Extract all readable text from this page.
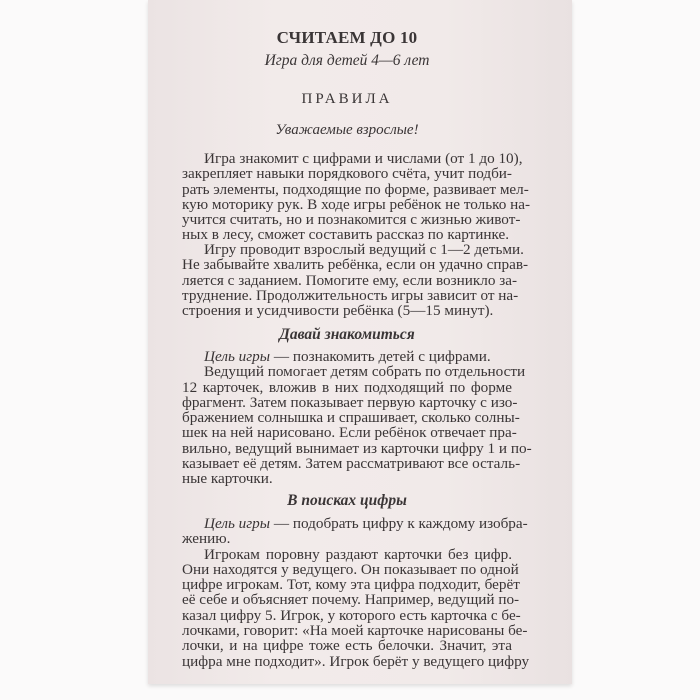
СЧИТАЕМ ДО 10
Игра для детей 4—6 лет
ПРАВИЛА
Уважаемые взрослые!
Игра знакомит с цифрами и числами (от 1 до 10),
закрепляет навыки порядкового счёта, учит подби-
рать элементы, подходящие по форме, развивает мел-
кую моторику рук. В ходе игры ребёнок не только на-
учится считать, но и познакомится с жизнью живот-
ных в лесу, сможет составить рассказ по картинке.
Игру проводит взрослый ведущий с 1—2 детьми.
Не забывайте хвалить ребёнка, если он удачно справ-
ляется с заданием. Помогите ему, если возникло за-
труднение. Продолжительность игры зависит от на-
строения и усидчивости ребёнка (5—15 минут).
Давай знакомиться
Цель игры — познакомить детей с цифрами.
Ведущий помогает детям собрать по отдельности
12 карточек, вложив в них подходящий по форме
фрагмент. Затем показывает первую карточку с изо-
бражением солнышка и спрашивает, сколько солны-
шек на ней нарисовано. Если ребёнок отвечает пра-
вильно, ведущий вынимает из карточки цифру 1 и по-
казывает её детям. Затем рассматривают все осталь-
ные карточки.
В поисках цифры
Цель игры — подобрать цифру к каждому изобра-
жению.
Игрокам поровну раздают карточки без цифр.
Они находятся у ведущего. Он показывает по одной
цифре игрокам. Тот, кому эта цифра подходит, берёт
её себе и объясняет почему. Например, ведущий по-
казал цифру 5. Игрок, у которого есть карточка с бе-
лочками, говорит: «На моей карточке нарисованы бе-
лочки, и на цифре тоже есть белочки. Значит, эта
цифра мне подходит». Игрок берёт у ведущего цифру
